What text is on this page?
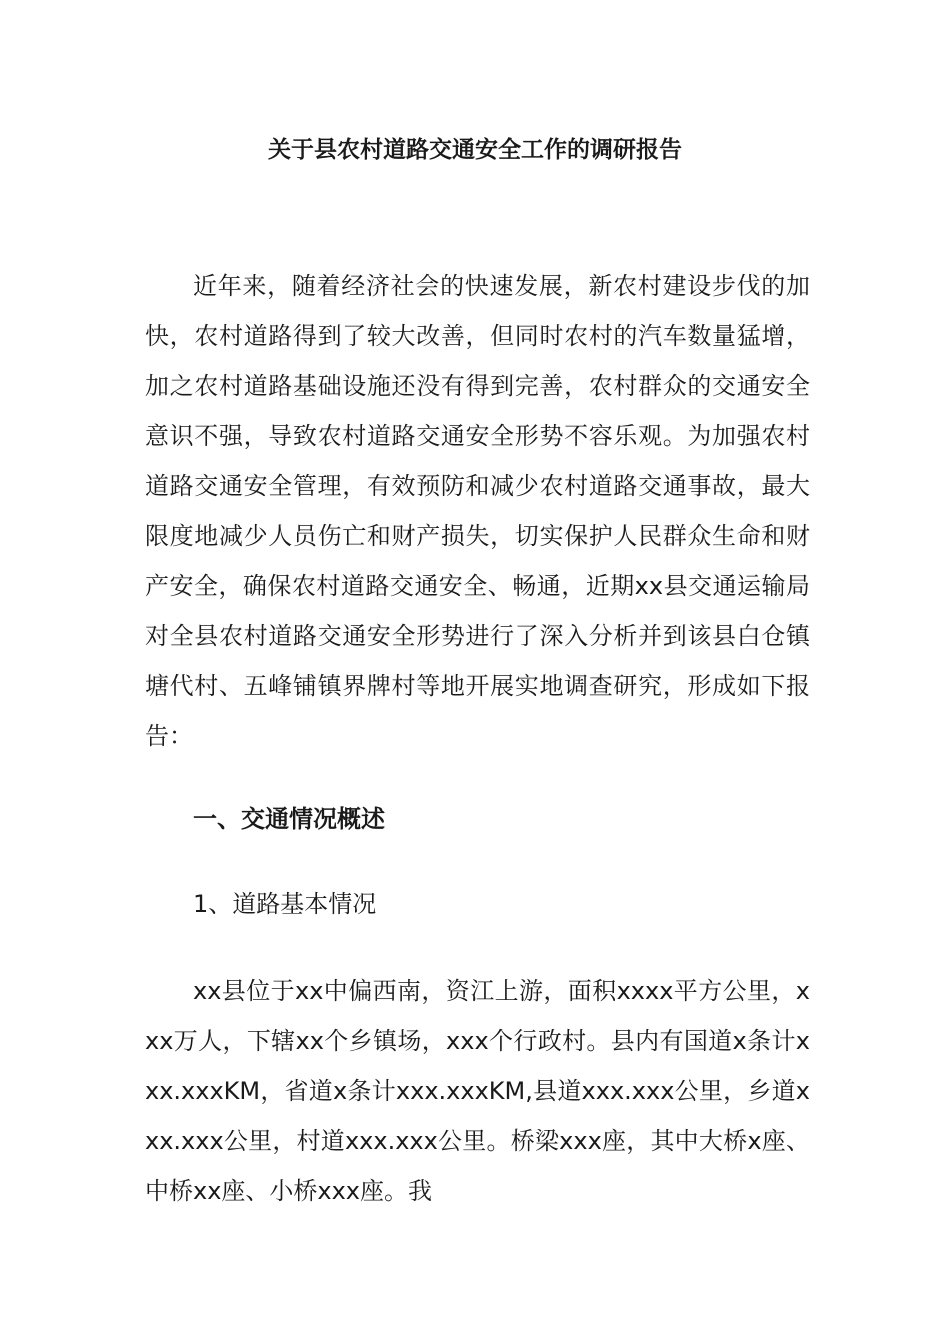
关于县农村道路交通安全工作的调研报告

近年来，随着经济社会的快速发展，新农村建设步伐的加快，农村道路得到了较大改善，但同时农村的汽车数量猛增，加之农村道路基础设施还没有得到完善，农村群众的交通安全意识不强，导致农村道路交通安全形势不容乐观。为加强农村道路交通安全管理，有效预防和减少农村道路交通事故，最大限度地减少人员伤亡和财产损失，切实保护人民群众生命和财产安全，确保农村道路交通安全、畅通，近期xx县交通运输局对全县农村道路交通安全形势进行了深入分析并到该县白仓镇塘代村、五峰铺镇界牌村等地开展实地调查研究，形成如下报告：

一、交通情况概述
1、道路基本情况

xx县位于xx中偏西南，资江上游，面积xxxx平方公里，xxx万人，下辖xx个乡镇场，xxx个行政村。县内有国道x条计xxx.xxxKM，省道x条计xxx.xxxKM,县道xxx.xxx公里，乡道xxx.xxx公里，村道xxx.xxx公里。桥梁xxx座，其中大桥x座、中桥xx座、小桥xxx座。我
